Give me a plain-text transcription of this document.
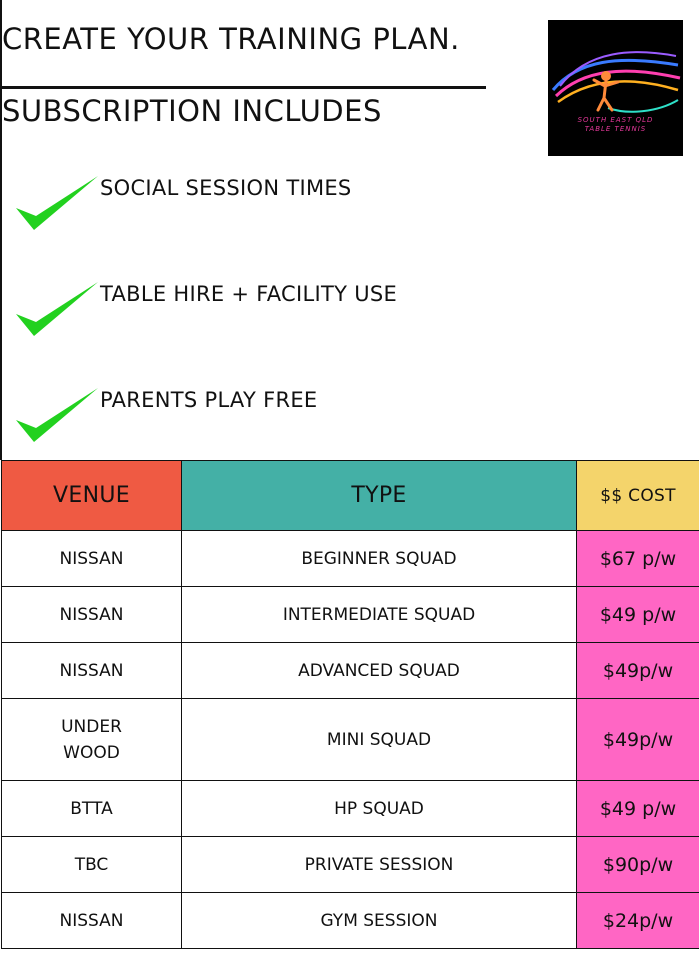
CREATE YOUR TRAINING PLAN.
SUBSCRIPTION INCLUDES	SOUTH EAST QLD
TABLE TENNIS
SOCIAL SESSION TIMES
TABLE HIRE + FACILITY USE
PARENTS PLAY FREE
VENUE	TYPE	$$ COST
NISSAN	BEGINNER SQUAD	$67 p/w
NISSAN	INTERMEDIATE SQUAD	$49 p/w
NISSAN	ADVANCED SQUAD	$49p/w
UNDER WOOD	MINI SQUAD	$49p/w
BTTA	HP SQUAD	$49 p/w
TBC	PRIVATE SESSION	$90p/w
NISSAN	GYM SESSION	$24p/w
